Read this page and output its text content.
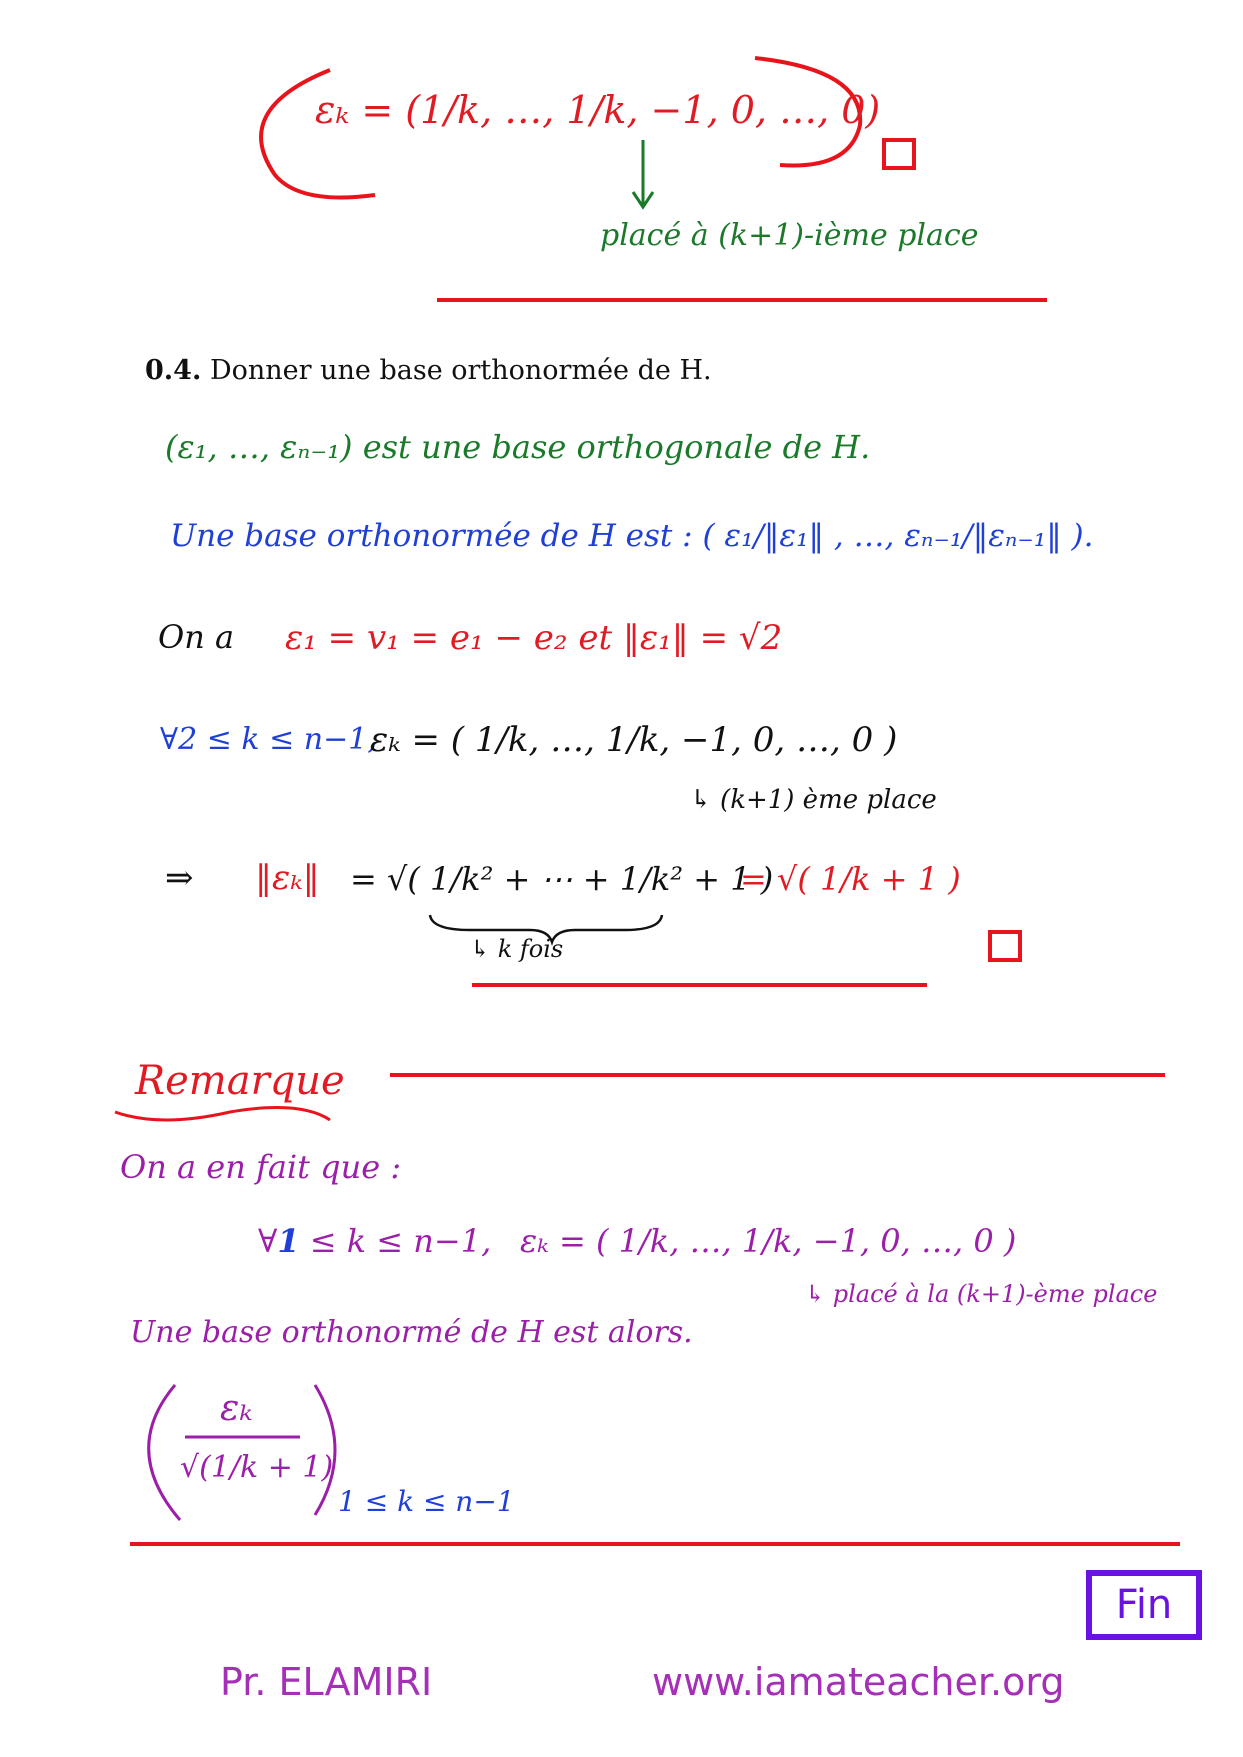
εₖ = (1/k, …, 1/k, −1, 0, …, 0)
placé à (k+1)-ième place
0.4. Donner une base orthonormée de H.
(ε₁, …, εₙ₋₁) est une base orthogonale de H.
Une base orthonormée de H est : ( ε₁/‖ε₁‖ , …, εₙ₋₁/‖εₙ₋₁‖ ).
On a ε₁ = v₁ = e₁ − e₂ et ‖ε₁‖ = √2
∀2 ≤ k ≤ n−1,
εₖ = ( 1/k, …, 1/k, −1, 0, …, 0 )
↳ (k+1) ème place
⇒ ‖εₖ‖ = √( 1/k² + ⋯ + 1/k² + 1 )
= √( 1/k + 1 )
↳ k fois
Remarque
On a en fait que :
∀1 ≤ k ≤ n−1, εₖ = ( 1/k, …, 1/k, −1, 0, …, 0 )
↳ placé à la (k+1)-ème place
Une base orthonormé de H est alors.
εₖ
√(1/k + 1)
1 ≤ k ≤ n−1
Fin
Pr. ELAMIRI	www.iamateacher.org
